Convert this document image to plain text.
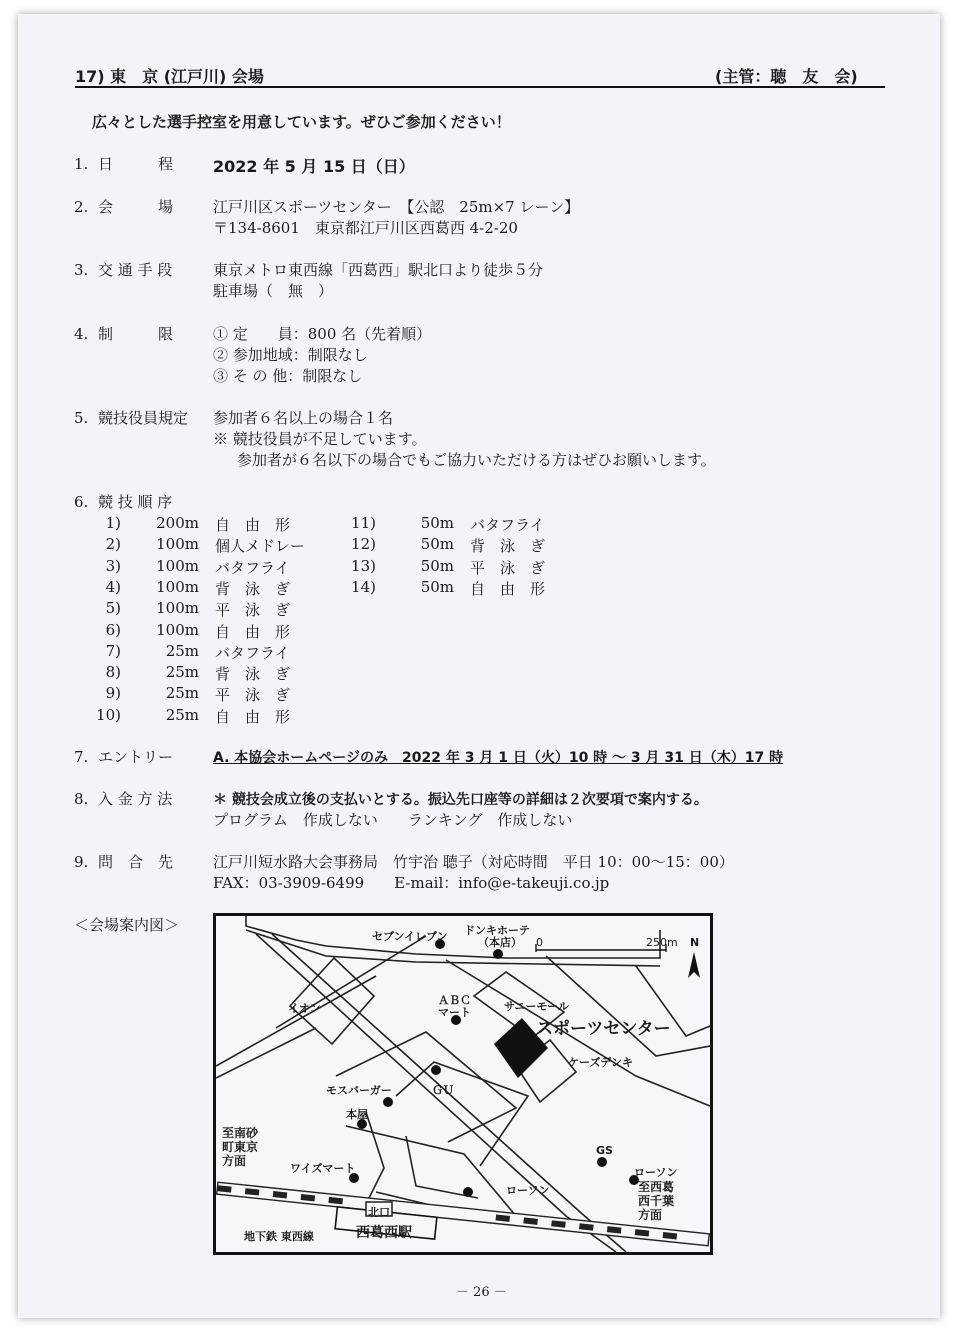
17) 東　京 (江戸川) 会場	(主管：聴　友　会)
広々とした選手控室を用意しています。ぜひご参加ください！
1. 日　　　程 2022 年 5 月 15 日（日）
2. 会　　　場	江戸川区スポーツセンター　【公認　25m×7 レーン】
〒134-8601　東京都江戸川区西葛西 4-2-20
3. 交 通 手 段	東京メトロ東西線「西葛西」駅北口より徒歩５分
駐車場（　無　）
4. 制　　　限	① 定　　員：800 名（先着順）
② 参加地域：制限なし
③ そ の 他：制限なし
5. 競技役員規定 参加者６名以上の場合１名
※ 競技役員が不足しています。
参加者が６名以下の場合でもご協力いただける方はぜひお願いします。
6. 競 技 順 序
1)	200m 自　由　形
2)	100m 個人メドレー
3)	100m バタフライ
4)	100m 背　泳　ぎ
5)	100m 平　泳　ぎ
6)	100m 自　由　形
7)	25m バタフライ
8)	25m 背　泳　ぎ
9)	25m 平　泳　ぎ
10)	25m 自　由　形
11)	50m バタフライ
12)	50m 背　泳　ぎ
13)	50m 平　泳　ぎ
14)	50m 自　由　形
7. エントリー	A. 本協会ホームページのみ　2022 年 3 月 1 日（火）10 時 ～ 3 月 31 日（木）17 時
8. 入 金 方 法	＊ 競技会成立後の支払いとする。振込先口座等の詳細は２次要項で案内する。
プログラム　作成しない　　ランキング　作成しない
9. 問　合　先	江戸川短水路大会事務局　竹宇治 聴子（対応時間　平日 10：00～15：00）
FAX：03-3909-6499　　E-mail：info@e-takeuji.co.jp
＜会場案内図＞
セブンイレブン ドンキホーテ
（本店） 0	250m N
イオン
ＡＢＣ
マート	サニーモール
スポーツセンター
ケーズデンキ
モスバーガー	ＧＵ
本屋
ワイズマート
GS
ローソン
ローソン
北口
西葛西駅
地下鉄 東西線
至南砂町東京方面
至西葛西千葉方面
－ 26 －
